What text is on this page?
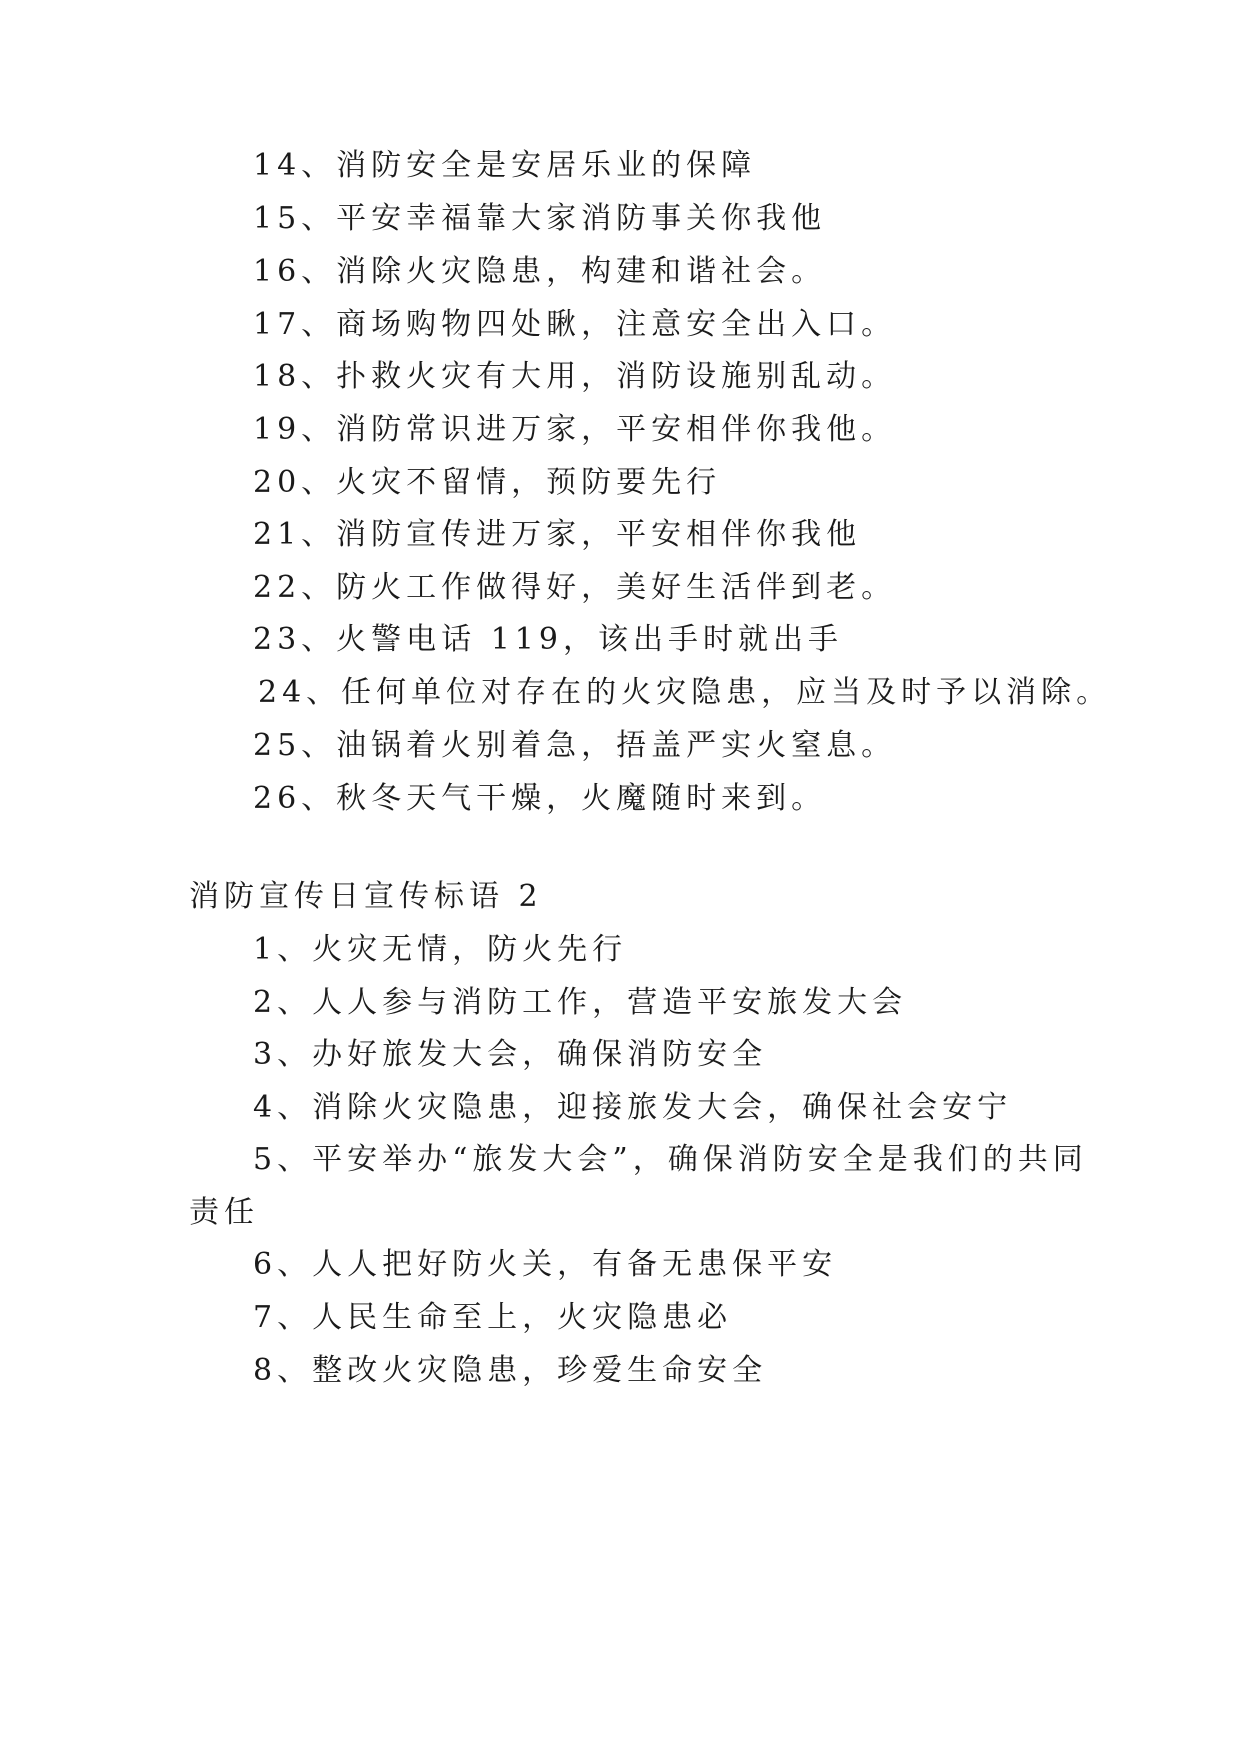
14、消防安全是安居乐业的保障
15、平安幸福靠大家消防事关你我他
16、消除火灾隐患，构建和谐社会。
17、商场购物四处瞅，注意安全出入口。
18、扑救火灾有大用，消防设施别乱动。
19、消防常识进万家，平安相伴你我他。
20、火灾不留情，预防要先行
21、消防宣传进万家，平安相伴你我他
22、防火工作做得好，美好生活伴到老。
23、火警电话 119，该出手时就出手
24、任何单位对存在的火灾隐患，应当及时予以消除。
25、油锅着火别着急，捂盖严实火窒息。
26、秋冬天气干燥，火魔随时来到。
消防宣传日宣传标语 2
1、火灾无情，防火先行
2、人人参与消防工作，营造平安旅发大会
3、办好旅发大会，确保消防安全
4、消除火灾隐患，迎接旅发大会，确保社会安宁
5、平安举办“旅发大会”，确保消防安全是我们的共同
责任
6、人人把好防火关，有备无患保平安
7、人民生命至上，火灾隐患必
8、整改火灾隐患，珍爱生命安全
